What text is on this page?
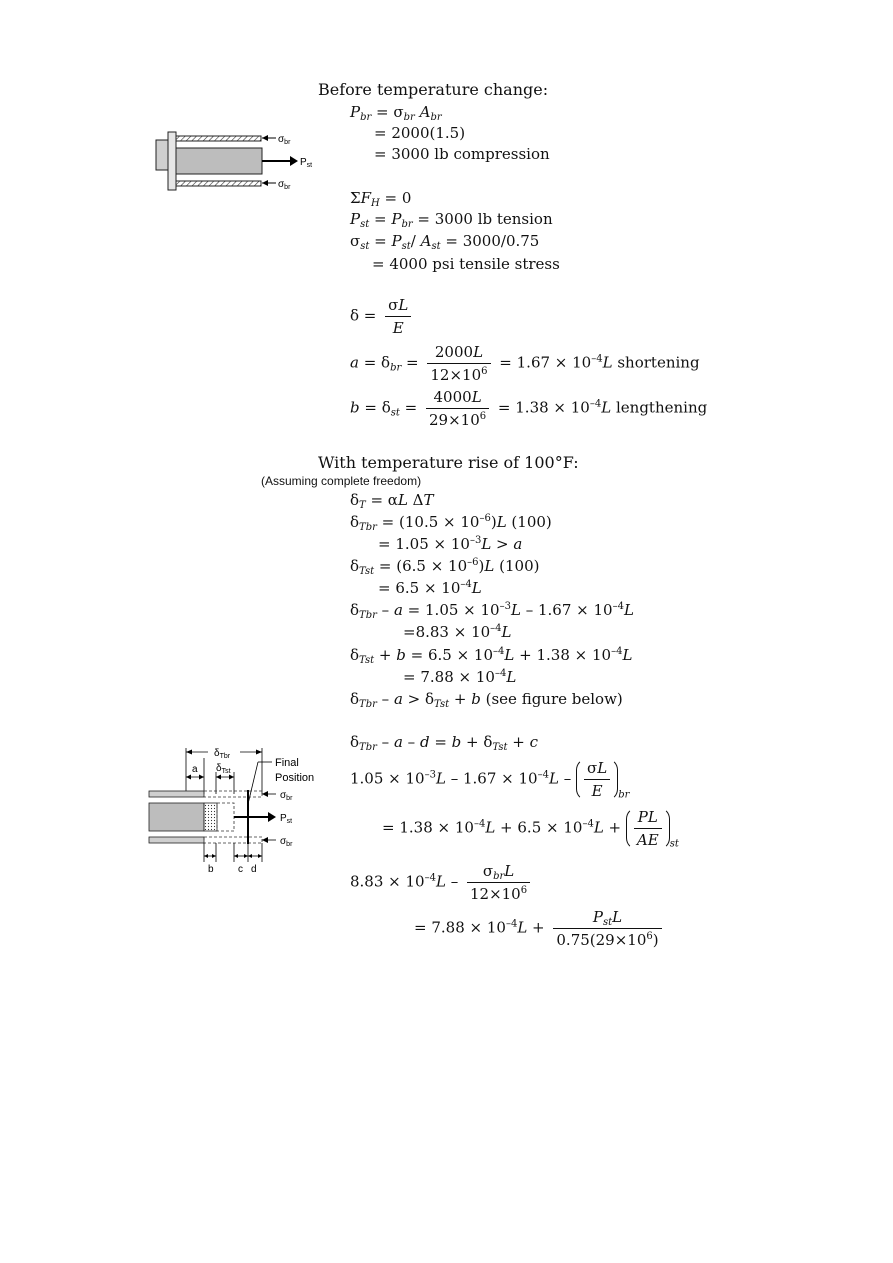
$\sigma_{br}$
$P_{st}$
$\sigma_{br}$
Before temperature change:
$P_{br} = \sigma_{br}$ $A_{br}$
= 2000(1.5)
= 3000 lb compression
$\Sigma F_H = 0$
$P_{st} = P_{br} = 3000$ lb tension
$\sigma_{st} = P_{st}/$ $A_{st} = 3000/0.75$
= 4000 psi tensile stress
$\delta = \frac{\sigma L}{E}$
$a = \delta_{br} = \frac{2000L}{12\times 10^6} = 1.67 \times 10^{-4}L$ shortening
$b = \delta_{st} = \frac{4000L}{29\times 10^6} = 1.38 \times 10^{-4}L$ lengthening
With temperature rise of 100°F:
(Assuming complete freedom)
$\delta_T = \alpha L$ ΔT
$\delta_{Tbr} = (10.5 \times 10^{-6})L$ (100)
= $1.05 \times 10^{-3}L > a$
$\delta_{Tst} = (6.5 \times 10^{-6})L$ (100)
= $6.5 \times 10^{-4}L$
$\delta_{Tbr} - a = 1.05 \times 10^{-3}L - 1.67 \times 10^{-4}L$
$=8.83 \times 10^{-4}L$
$\delta_{Tst} + b = 6.5 \times 10^{-4}L + 1.38 \times 10^{-4}L$
= $7.88 \times 10^{-4}L$
$\delta_{Tbr} - a > \delta_{Tst} + b$ (see figure below)
$\delta_{Tbr} - a - d = b + \delta_{Tst} + c$
$1.05 \times 10^{-3}L - 1.67 \times 10^{-4}L - \frac{\sigma L}{E} _{br}$
= $1.38 \times 10^{-4}L + 6.5 \times 10^{-4}L + \frac{PL}{AE} _{st}$
$8.83 \times 10^{-4}L - \frac{\sigma_{br}L}{12\times 10^6}$
= $7.88 \times 10^{-4}L + \frac{P_{st}L}{0.75(29\times 10^6)}$
$\delta_{Tbr}$
a $\delta_{Tst}$
Final
Position
$\sigma_{br}$
$P_{st}$
$\sigma_{br}$
b c d
